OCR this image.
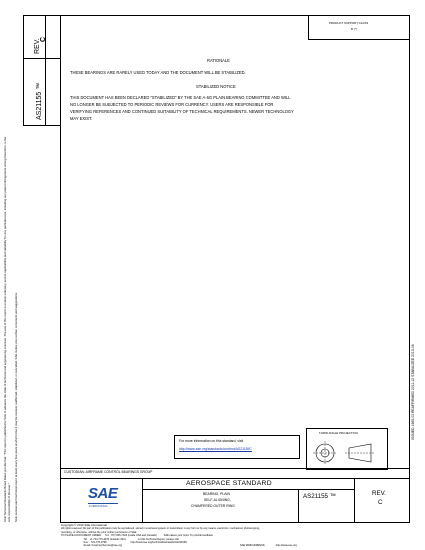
REV. C
AS21155 ™
PRODUCT SUPPORT CLASS
B (*)
RATIONALE
THESE BEARINGS ARE RARELY USED TODAY AND THE DOCUMENT WILL BE STABILIZED.
STABILIZED NOTICE
THIS DOCUMENT HAS BEEN DECLARED "STABILIZED" BY THE SAE A-6G PLAIN BEARING COMMITTEE AND WILL
NO LONGER BE SUBJECTED TO PERIODIC REVIEWS FOR CURRENCY. USERS ARE RESPONSIBLE FOR
VERIFYING REFERENCES AND CONTINUED SUITABILITY OF TECHNICAL REQUIREMENTS. NEWER TECHNOLOGY
MAY EXIST.
SAE Technical Standards Board Rules provide that: "This report is published by SAE to advance the state of technical and engineering sciences. The use of this report is entirely voluntary, and its applicability and suitability for any particular use, including any patent infringement arising therefrom, is the sole responsibility of the user." SAE reviews each technical report at least every five years at which time it may be revised, reaffirmed, stabilized, or cancelled. SAE invites your written comments and suggestions.	ISSUED 1965-03 REAFFIRMED 2011-12 STABILIZED 2013-06
For more information on this standard, visit
http://www.sae.org/standards/content/AS21155C
THIRD ANGLE PROJECTION
CUSTODIAN: AIRFRAME CONTROL BEARINGS GROUP
SAE
INTERNATIONAL
AEROSPACE STANDARD
BEARING, PLAIN
SELF-ALIGNING,
CHAMFERED OUTER RING
AS21155 ™	REV.
C
Copyright © 2013 SAE International
All rights reserved. No part of this publication may be reproduced, stored in a retrieval system or transmitted, in any form or by any means, electronic, mechanical, photocopying,
recording, or otherwise, without the prior written permission of SAE.
TO PLACE A DOCUMENT ORDER:     Tel:   877-606-7323 (inside USA and Canada)          SAE values your input. To provide feedback
Tel:   +1 724-776-4970 (outside USA)                 on this Technical Report, please visit
Fax:   724-776-0790                                  http://www.sae.org/technical/standards/AS21155C
Email: CustomerService@sae.org	SAE WEB ADDRESS:               http://www.sae.org
